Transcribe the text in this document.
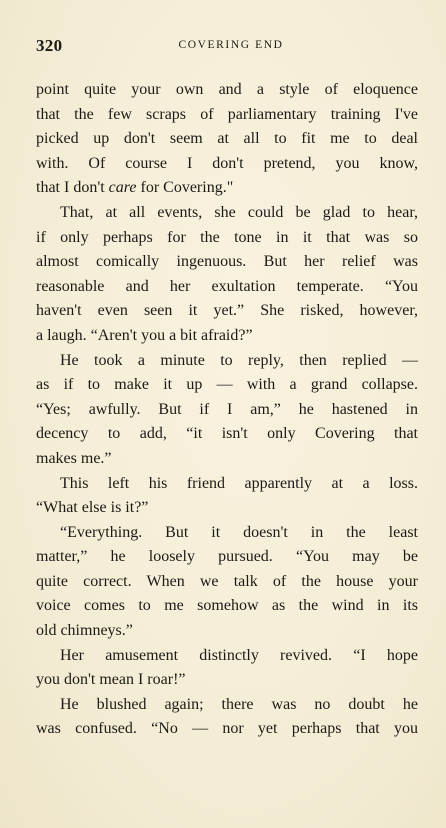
320	COVERING END
point quite your own and a style of eloquence
that the few scraps of parliamentary training I've
picked up don't seem at all to fit me to deal
with. Of course I don't pretend, you know,
that I don't care for Covering."
That, at all events, she could be glad to hear,
if only perhaps for the tone in it that was so
almost comically ingenuous. But her relief was
reasonable and her exultation temperate. “You
haven't even seen it yet.” She risked, however,
a laugh. “Aren't you a bit afraid?”
He took a minute to reply, then replied —
as if to make it up — with a grand collapse.
“Yes; awfully. But if I am,” he hastened in
decency to add, “it isn't only Covering that
makes me.”
This left his friend apparently at a loss.
“What else is it?”
“Everything. But it doesn't in the least
matter,” he loosely pursued. “You may be
quite correct. When we talk of the house your
voice comes to me somehow as the wind in its
old chimneys.”
Her amusement distinctly revived. “I hope
you don't mean I roar!”
He blushed again; there was no doubt he
was confused. “No — nor yet perhaps that you
